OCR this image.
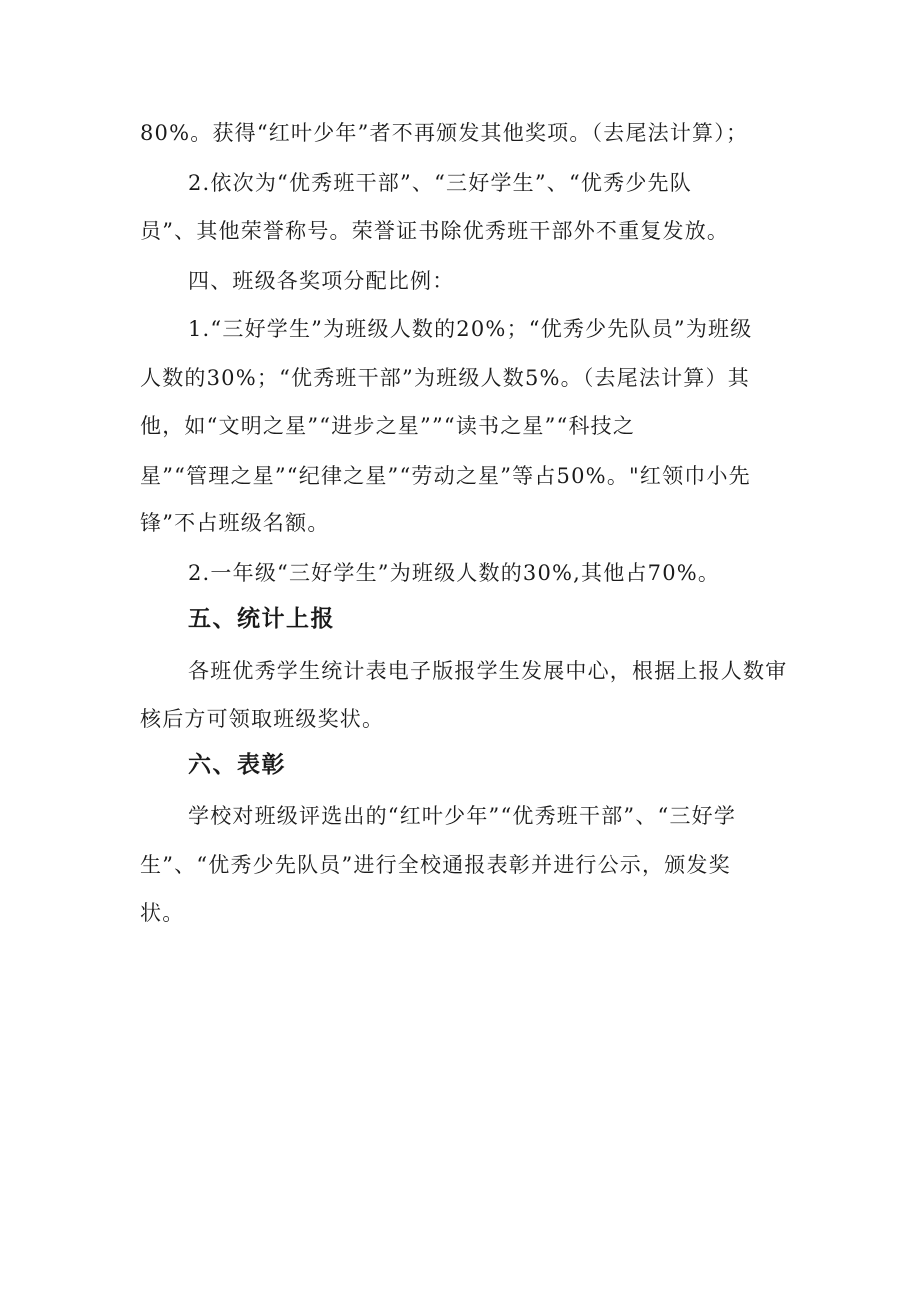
80%。获得“红叶少年”者不再颁发其他奖项。（去尾法计算）；
2.依次为“优秀班干部”、“三好学生”、“优秀少先队
员”、其他荣誉称号。荣誉证书除优秀班干部外不重复发放。
四、班级各奖项分配比例：
1.“三好学生”为班级人数的20%；“优秀少先队员”为班级
人数的30%；“优秀班干部”为班级人数5%。（去尾法计算）其
他，如“文明之星”“进步之星””“读书之星”“科技之
星”“管理之星”“纪律之星”“劳动之星”等占50%。"红领巾小先
锋”不占班级名额。
2.一年级“三好学生”为班级人数的30%,其他占70%。
五、统计上报
各班优秀学生统计表电子版报学生发展中心，根据上报人数审
核后方可领取班级奖状。
六、表彰
学校对班级评选出的“红叶少年”“优秀班干部”、“三好学
生”、“优秀少先队员”进行全校通报表彰并进行公示，颁发奖
状。
